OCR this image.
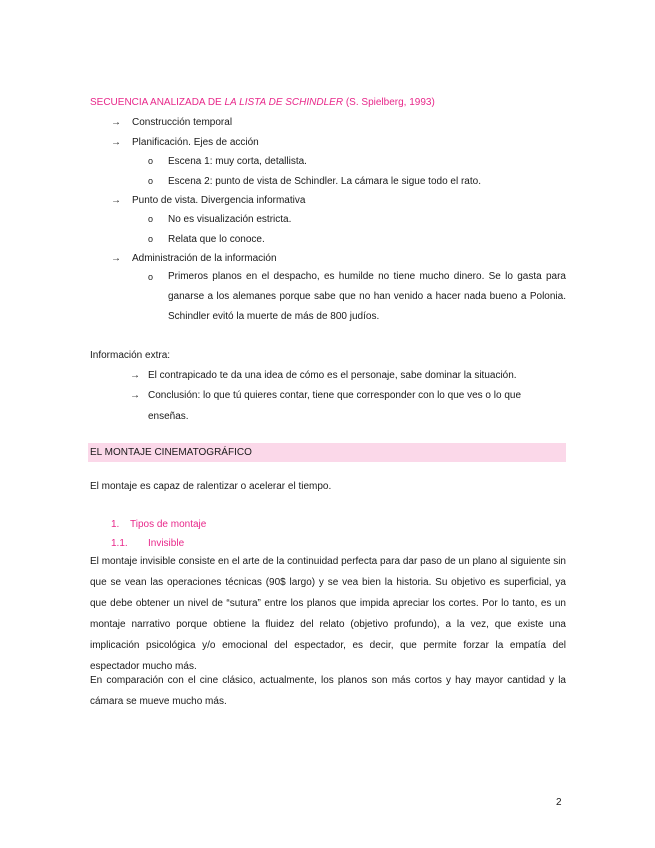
SECUENCIA ANALIZADA DE LA LISTA DE SCHINDLER (S. Spielberg, 1993)
→ Construcción temporal
→ Planificación. Ejes de acción
o Escena 1: muy corta, detallista.
o Escena 2: punto de vista de Schindler. La cámara le sigue todo el rato.
→ Punto de vista. Divergencia informativa
o No es visualización estricta.
o Relata que lo conoce.
→ Administración de la información
o Primeros planos en el despacho, es humilde no tiene mucho dinero. Se lo gasta para ganarse a los alemanes porque sabe que no han venido a hacer nada bueno a Polonia. Schindler evitó la muerte de más de 800 judíos.
Información extra:
→ El contrapicado te da una idea de cómo es el personaje, sabe dominar la situación.
→ Conclusión: lo que tú quieres contar, tiene que corresponder con lo que ves o lo que enseñas.
EL MONTAJE CINEMATOGRÁFICO
El montaje es capaz de ralentizar o acelerar el tiempo.
1. Tipos de montaje
1.1. Invisible
El montaje invisible consiste en el arte de la continuidad perfecta para dar paso de un plano al siguiente sin que se vean las operaciones técnicas (90$ largo) y se vea bien la historia. Su objetivo es superficial, ya que debe obtener un nivel de “sutura” entre los planos que impida apreciar los cortes. Por lo tanto, es un montaje narrativo porque obtiene la fluidez del relato (objetivo profundo), a la vez, que existe una implicación psicológica y/o emocional del espectador, es decir, que permite forzar la empatía del espectador mucho más.
En comparación con el cine clásico, actualmente, los planos son más cortos y hay mayor cantidad y la cámara se mueve mucho más.
2
